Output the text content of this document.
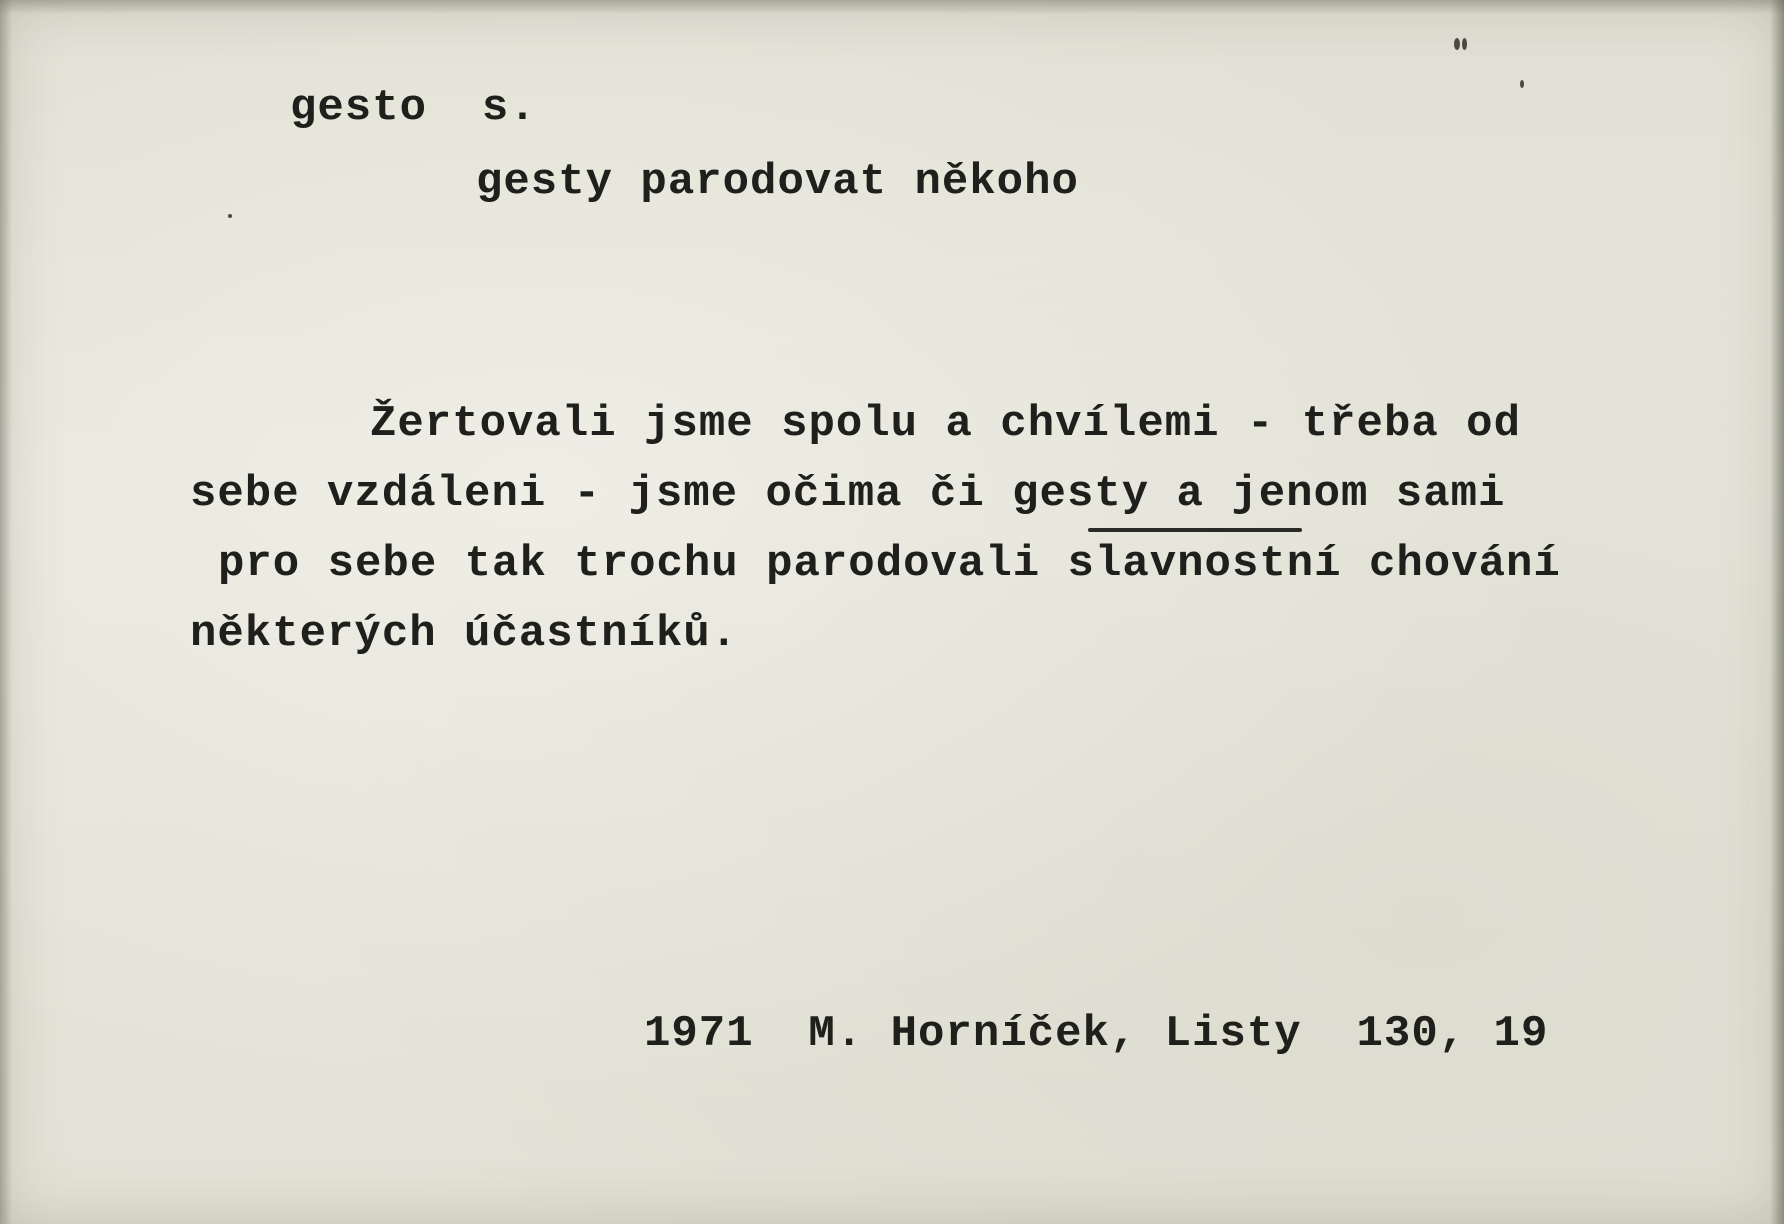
gesto  s.
gesty parodovat někoho
Žertovali jsme spolu a chvílemi - třeba od
sebe vzdáleni - jsme očima či gesty a jenom sami
pro sebe tak trochu parodovali slavnostní chování
některých účastníků.
1971  M. Horníček, Listy  130, 19
